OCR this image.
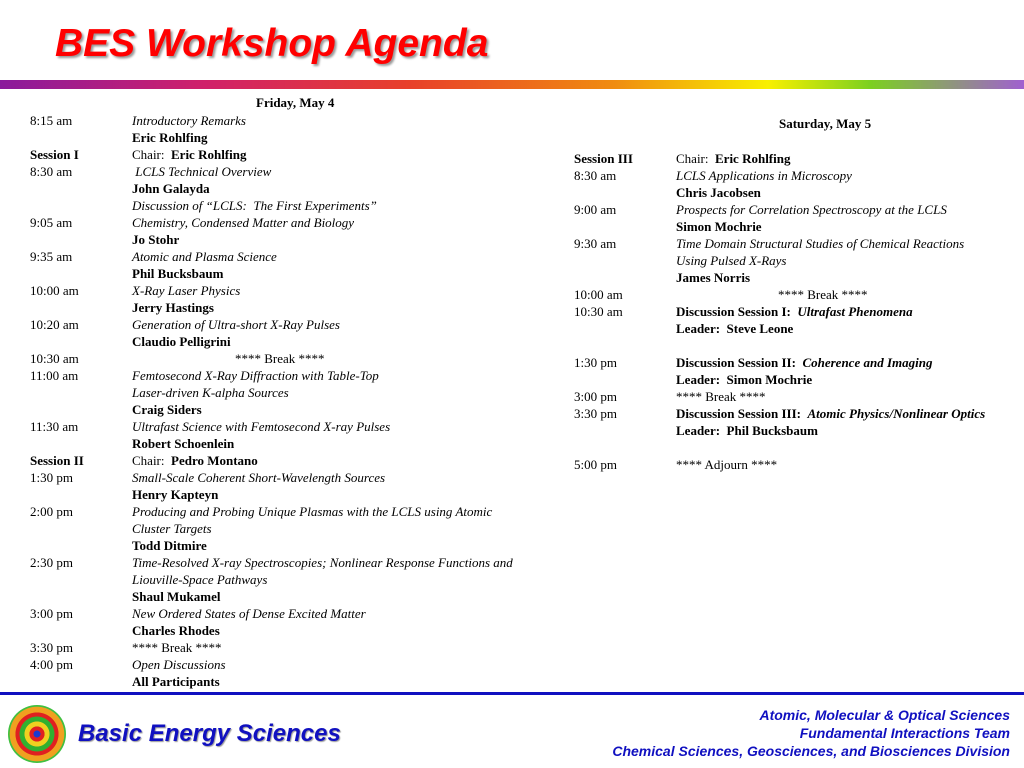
BES Workshop Agenda
Friday, May 4
8:15 am	Introductory Remarks
Eric Rohlfing
Session I	Chair:  Eric Rohlfing
8:30 am	LCLS Technical Overview
John Galayda
Discussion of “LCLS:  The First Experiments”
9:05 am	Chemistry, Condensed Matter and Biology
Jo Stohr
9:35 am	Atomic and Plasma Science
Phil Bucksbaum
10:00 am	X-Ray Laser Physics
Jerry Hastings
10:20 am	Generation of Ultra-short X-Ray Pulses
Claudio Pelligrini
10:30 am	**** Break ****
11:00 am	Femtosecond X-Ray Diffraction with Table-Top
Laser-driven K-alpha Sources
Craig Siders
11:30 am	Ultrafast Science with Femtosecond X-ray Pulses
Robert Schoenlein
Session II	Chair:  Pedro Montano
1:30 pm	Small-Scale Coherent Short-Wavelength Sources
Henry Kapteyn
2:00 pm	Producing and Probing Unique Plasmas with the LCLS using Atomic
Cluster Targets
Todd Ditmire
2:30 pm	Time-Resolved X-ray Spectroscopies; Nonlinear Response Functions and
Liouville-Space Pathways
Shaul Mukamel
3:00 pm	New Ordered States of Dense Excited Matter
Charles Rhodes
3:30 pm	**** Break ****
4:00 pm	Open Discussions
All Participants
Saturday, May 5
Session III	Chair:  Eric Rohlfing
8:30 am	LCLS Applications in Microscopy
Chris Jacobsen
9:00 am	Prospects for Correlation Spectroscopy at the LCLS
Simon Mochrie
9:30 am	Time Domain Structural Studies of Chemical Reactions
Using Pulsed X-Rays
James Norris
10:00 am	**** Break ****
10:30 am	Discussion Session I:  Ultrafast Phenomena
Leader:  Steve Leone
1:30 pm	Discussion Session II:  Coherence and Imaging
Leader:  Simon Mochrie
3:00 pm	**** Break ****
3:30 pm	Discussion Session III:  Atomic Physics/Nonlinear Optics
Leader:  Phil Bucksbaum
5:00 pm	**** Adjourn ****
Basic Energy Sciences
Atomic, Molecular & Optical Sciences
Fundamental Interactions Team
Chemical Sciences, Geosciences, and Biosciences Division
